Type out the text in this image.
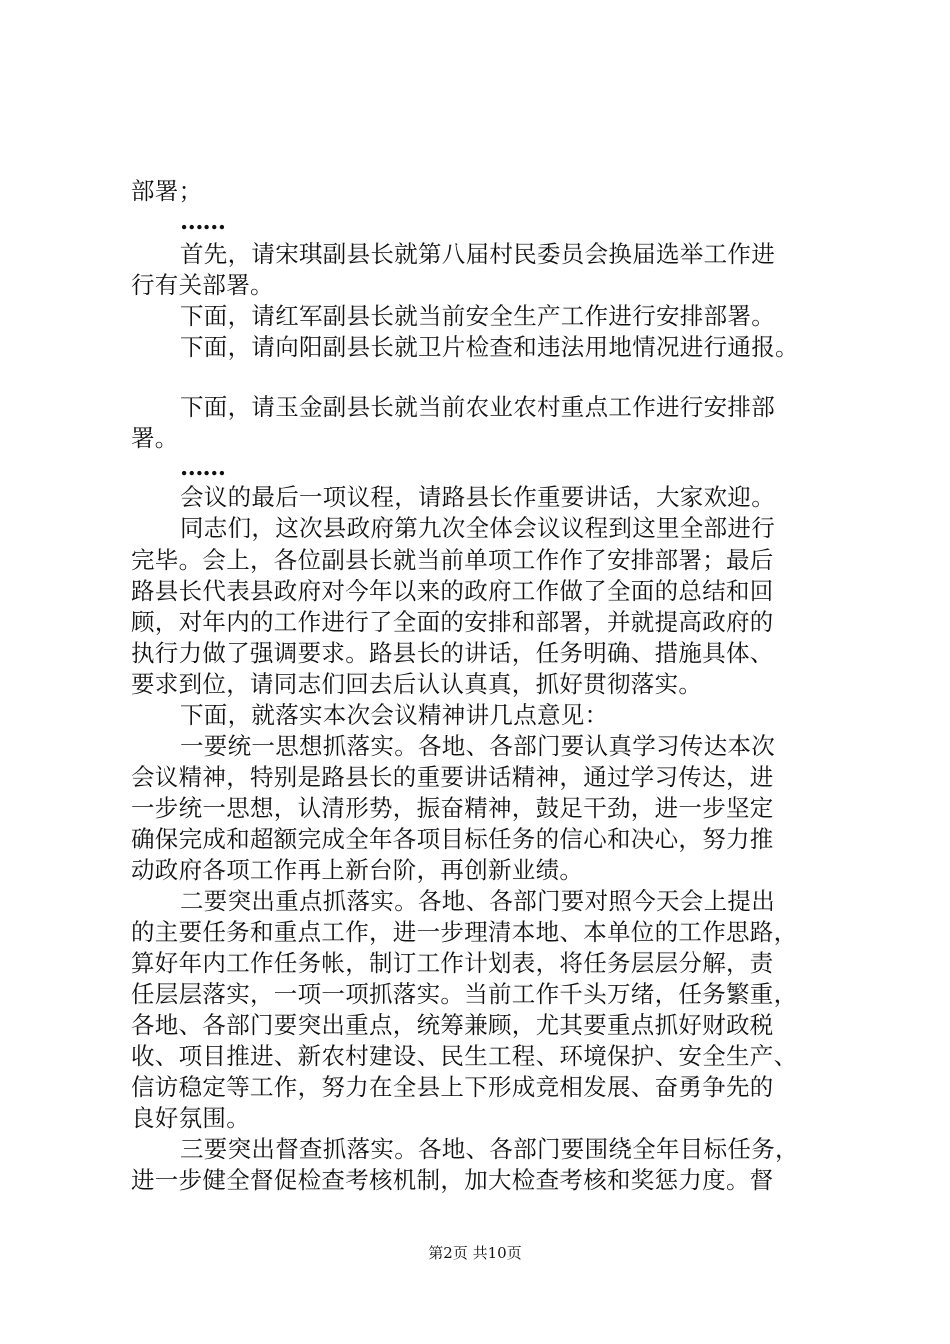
部署；
……
首先，请宋琪副县长就第八届村民委员会换届选举工作进
行有关部署。
下面，请红军副县长就当前安全生产工作进行安排部署。
下面，请向阳副县长就卫片检查和违法用地情况进行通报。
下面，请玉金副县长就当前农业农村重点工作进行安排部
署。
……
会议的最后一项议程，请路县长作重要讲话，大家欢迎。
同志们，这次县政府第九次全体会议议程到这里全部进行
完毕。会上，各位副县长就当前单项工作作了安排部署；最后
路县长代表县政府对今年以来的政府工作做了全面的总结和回
顾，对年内的工作进行了全面的安排和部署，并就提高政府的
执行力做了强调要求。路县长的讲话，任务明确、措施具体、
要求到位，请同志们回去后认认真真，抓好贯彻落实。
下面，就落实本次会议精神讲几点意见：
一要统一思想抓落实。各地、各部门要认真学习传达本次
会议精神，特别是路县长的重要讲话精神，通过学习传达，进
一步统一思想，认清形势，振奋精神，鼓足干劲，进一步坚定
确保完成和超额完成全年各项目标任务的信心和决心，努力推
动政府各项工作再上新台阶，再创新业绩。
二要突出重点抓落实。各地、各部门要对照今天会上提出
的主要任务和重点工作，进一步理清本地、本单位的工作思路，
算好年内工作任务帐，制订工作计划表，将任务层层分解，责
任层层落实，一项一项抓落实。当前工作千头万绪，任务繁重，
各地、各部门要突出重点，统筹兼顾，尤其要重点抓好财政税
收、项目推进、新农村建设、民生工程、环境保护、安全生产、
信访稳定等工作，努力在全县上下形成竞相发展、奋勇争先的
良好氛围。
三要突出督查抓落实。各地、各部门要围绕全年目标任务，
进一步健全督促检查考核机制，加大检查考核和奖惩力度。督
第2页 共10页
